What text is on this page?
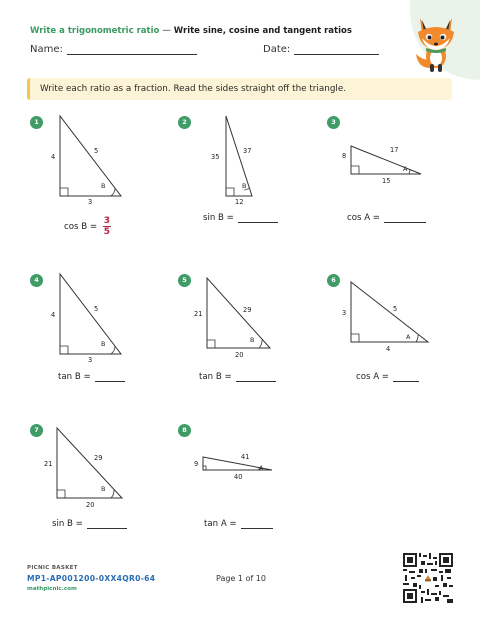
Write a trigonometric ratio — Write sine, cosine and tangent ratios
Name:	Date:
Write each ratio as a fraction. Read the sides straight off the triangle.
1
4
5
3
B
$\cos B = \frac{3}{5}$
2
35
37
12
B
sin B =
3
8
17
15
A
cos A =
4
4
5
3
B
tan B =
5
21	29
20
B
tan B =
6
3	5
4
A
cos A =
7
21
29
20
B
sin B =
8
9
41
40
A
tan A =
PICNIC BASKET
MP1-AP001200-0XX4QR0-64
mathpicnic.com
Page 1 of 10
